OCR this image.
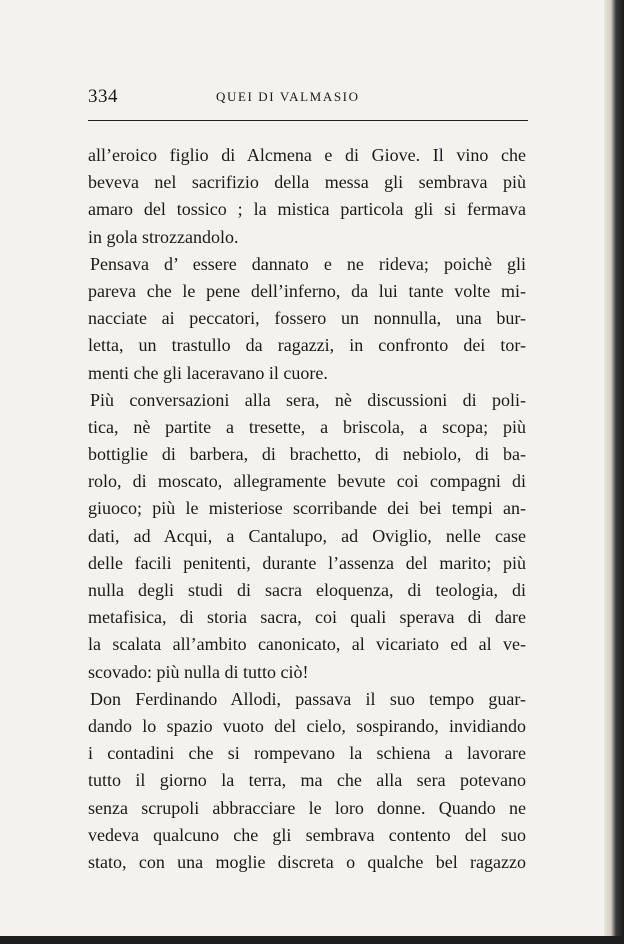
334	QUEI DI VALMASIO
all’eroico figlio di Alcmena e di Giove. Il vino che
beveva nel sacrifizio della messa gli sembrava più
amaro del tossico ; la mistica particola gli si fermava
in gola strozzandolo.
Pensava d’ essere dannato e ne rideva; poichè gli
pareva che le pene dell’inferno, da lui tante volte mi-
nacciate ai peccatori, fossero un nonnulla, una bur-
letta, un trastullo da ragazzi, in confronto dei tor-
menti che gli laceravano il cuore.
Più conversazioni alla sera, nè discussioni di poli-
tica, nè partite a tresette, a briscola, a scopa; più
bottiglie di barbera, di brachetto, di nebiolo, di ba-
rolo, di moscato, allegramente bevute coi compagni di
giuoco; più le misteriose scorribande dei bei tempi an-
dati, ad Acqui, a Cantalupo, ad Oviglio, nelle case
delle facili penitenti, durante l’assenza del marito; più
nulla degli studi di sacra eloquenza, di teologia, di
metafisica, di storia sacra, coi quali sperava di dare
la scalata all’ambito canonicato, al vicariato ed al ve-
scovado: più nulla di tutto ciò!
Don Ferdinando Allodi, passava il suo tempo guar-
dando lo spazio vuoto del cielo, sospirando, invidiando
i contadini che si rompevano la schiena a lavorare
tutto il giorno la terra, ma che alla sera potevano
senza scrupoli abbracciare le loro donne. Quando ne
vedeva qualcuno che gli sembrava contento del suo
stato, con una moglie discreta o qualche bel ragazzo
